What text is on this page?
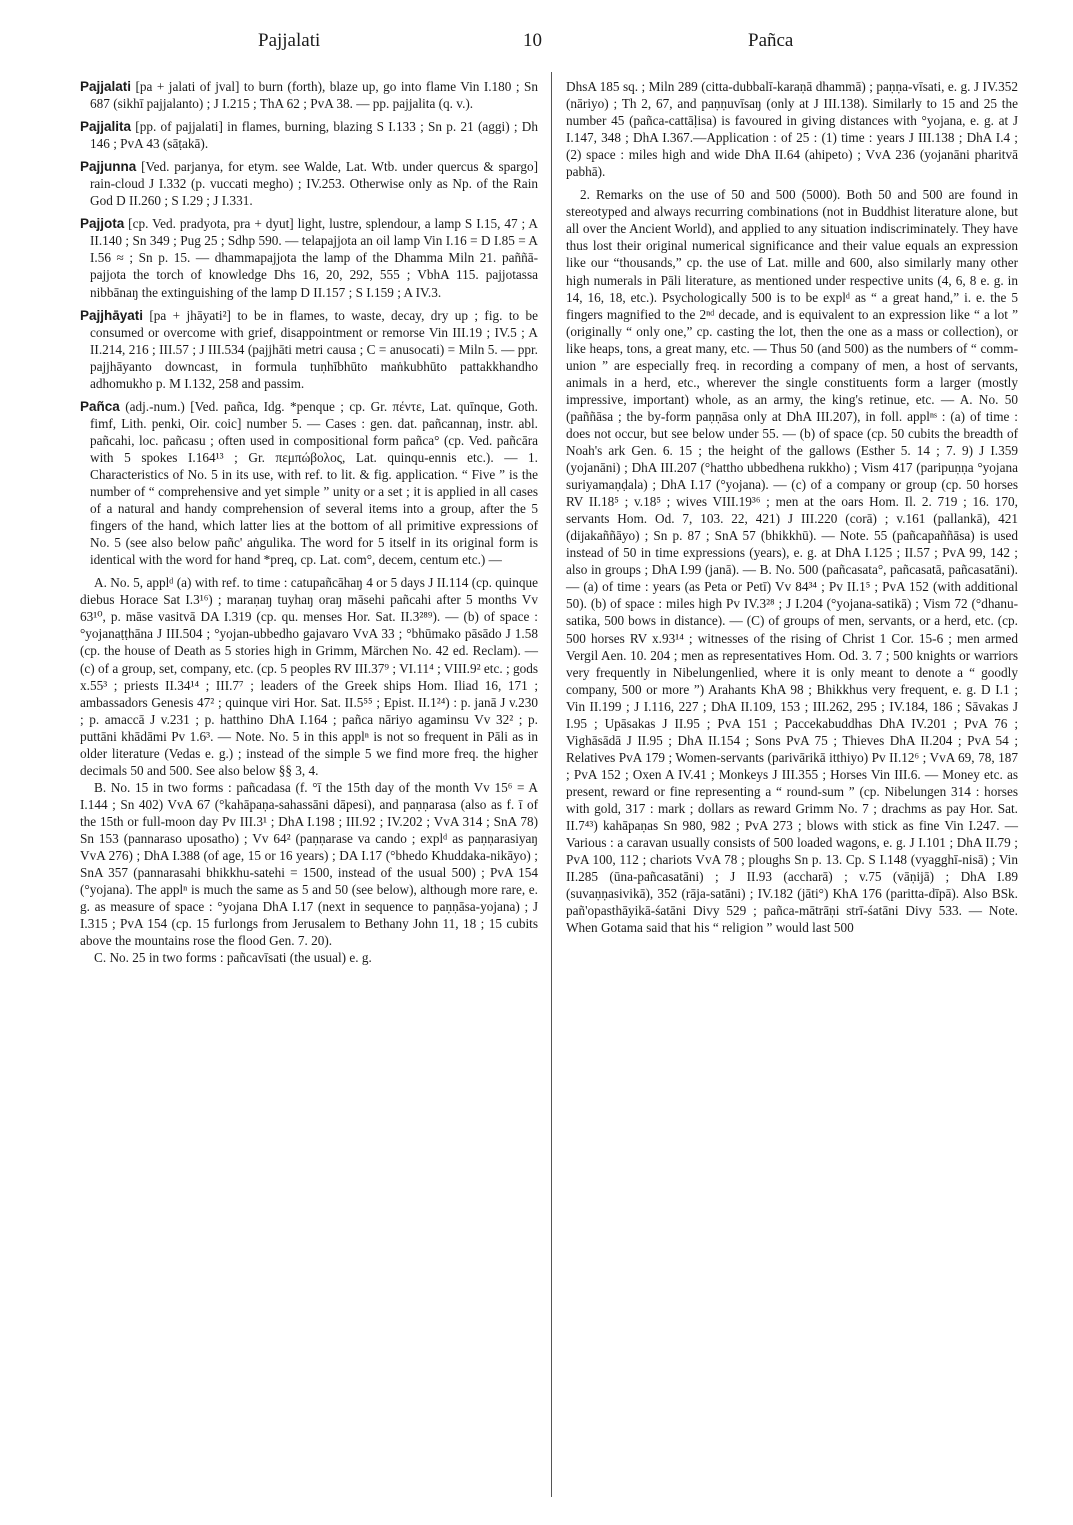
Pajjalati	10	Pañca

Pajjalati [pa + jalati of jval] to burn (forth), blaze up, go into flame Vin I.180 ; Sn 687 (sikhī pajjalanto) ; J I.215 ; ThA 62 ; PvA 38. — pp. pajjalita (q. v.).

Pajjalita [pp. of pajjalati] in flames, burning, blazing S I.133 ; Sn p. 21 (aggi) ; Dh 146 ; PvA 43 (sāṭakā).

Pajjunna [Ved. parjanya, for etym. see Walde, Lat. Wtb. under quercus & spargo] rain-cloud J I.332 (p. vuccati megho) ; IV.253. Otherwise only as Np. of the Rain God D II.260 ; S I.29 ; J I.331.

Pajjota [cp. Ved. pradyota, pra + dyut] light, lustre, splendour, a lamp S I.15, 47 ; A II.140 ; Sn 349 ; Pug 25 ; Sdhp 590. — telapajjota an oil lamp Vin I.16 = D I.85 = A I.56 ≈ ; Sn p. 15. — dhammapajjota the lamp of the Dhamma Miln 21. paññā-pajjota the torch of knowledge Dhs 16, 20, 292, 555 ; VbhA 115. pajjotassa nibbānaŋ the extinguishing of the lamp D II.157 ; S I.159 ; A IV.3.

Pajjhāyati [pa + jhāyati²] to be in flames, to waste, decay, dry up ; fig. to be consumed or overcome with grief, disappointment or remorse Vin III.19 ; IV.5 ; A II.214, 216 ; III.57 ; J III.534 (pajjhāti metri causa ; C = anusocati) = Miln 5. — ppr. pajjhāyanto downcast, in formula tuṇhībhūto maṅkubhūto pattakkhandho adhomukho p. M I.132, 258 and passim.

Pañca (adj.-num.) [Ved. pañca, Idg. *penque ; cp. Gr. πέντε, Lat. quīnque, Goth. fimf, Lith. penki, Oir. coic] number 5. — Cases : gen. dat. pañcannaŋ, instr. abl. pañcahi, loc. pañcasu ; often used in compositional form pañca° (cp. Ved. pañcāra with 5 spokes I.164¹³ ; Gr. πεμπώβολος, Lat. quinqu-ennis etc.). — 1. Characteristics of No. 5 in its use, with ref. to lit. & fig. application. “ Five ” is the number of “ comprehensive and yet simple ” unity or a set ; it is applied in all cases of a natural and handy comprehension of several items into a group, after the 5 fingers of the hand, which latter lies at the bottom of all primitive expressions of No. 5 (see also below pañc' aṅgulika. The word for 5 itself in its original form is identical with the word for hand *preq, cp. Lat. com°, decem, centum etc.) —

A. No. 5, applᵈ (a) with ref. to time : catupañcāhaŋ 4 or 5 days J II.114 (cp. quinque diebus Horace Sat I.3¹⁶) ; maraṇaŋ tuyhaŋ oraŋ māsehi pañcahi after 5 months Vv 63¹⁰, p. māse vasitvā DA I.319 (cp. qu. menses Hor. Sat. II.3²⁸⁹). — (b) of space : °yojanaṭṭhāna J III.504 ; °yojan-ubbedho gajavaro VvA 33 ; °bhūmako pāsādo J 1.58 (cp. the house of Death as 5 stories high in Grimm, Märchen No. 42 ed. Reclam). — (c) of a group, set, company, etc. (cp. 5 peoples RV III.37⁹ ; VI.11⁴ ; VIII.9² etc. ; gods x.55³ ; priests II.34¹⁴ ; III.7⁷ ; leaders of the Greek ships Hom. Iliad 16, 171 ; ambassadors Genesis 47² ; quinque viri Hor. Sat. II.5⁵⁵ ; Epist. II.1²⁴) : p. janā J v.230 ; p. amaccā J v.231 ; p. hatthino DhA I.164 ; pañca nāriyo agaminsu Vv 32² ; p. puttāni khādāmi Pv 1.6³. — Note. No. 5 in this applⁿ is not so frequent in Pāli as in older literature (Vedas e. g.) ; instead of the simple 5 we find more freq. the higher decimals 50 and 500. See also below §§ 3, 4.

B. No. 15 in two forms : pañcadasa (f. °ī the 15th day of the month Vv 15⁶ = A I.144 ; Sn 402) VvA 67 (°kahāpaṇa-sahassāni dāpesi), and paṇṇarasa (also as f. ī of the 15th or full-moon day Pv III.3¹ ; DhA I.198 ; III.92 ; IV.202 ; VvA 314 ; SnA 78) Sn 153 (pannaraso uposatho) ; Vv 64² (paṇṇarase va cando ; explᵈ as paṇṇarasiyaŋ VvA 276) ; DhA I.388 (of age, 15 or 16 years) ; DA I.17 (°bhedo Khuddaka-nikāyo) ; SnA 357 (pannarasahi bhikkhu-satehi = 1500, instead of the usual 500) ; PvA 154 (°yojana). The applⁿ is much the same as 5 and 50 (see below), although more rare, e. g. as measure of space : °yojana DhA I.17 (next in sequence to paṇṇāsa-yojana) ; J I.315 ; PvA 154 (cp. 15 furlongs from Jerusalem to Bethany John 11, 18 ; 15 cubits above the mountains rose the flood Gen. 7. 20).

C. No. 25 in two forms : pañcavīsati (the usual) e. g.

DhsA 185 sq. ; Miln 289 (citta-dubbalī-karaṇā dhammā) ; paṇṇa-vīsati, e. g. J IV.352 (nāriyo) ; Th 2, 67, and paṇṇuvīsaŋ (only at J III.138). Similarly to 15 and 25 the number 45 (pañca-cattāḷisa) is favoured in giving distances with °yojana, e. g. at J I.147, 348 ; DhA I.367.—Application : of 25 : (1) time : years J III.138 ; DhA I.4 ; (2) space : miles high and wide DhA II.64 (ahipeto) ; VvA 236 (yojanāni pharitvā pabhā).

2. Remarks on the use of 50 and 500 (5000). Both 50 and 500 are found in stereotyped and always recurring combinations (not in Buddhist literature alone, but all over the Ancient World), and applied to any situation indiscriminately. They have thus lost their original numerical significance and their value equals an expression like our “thousands,” cp. the use of Lat. mille and 600, also similarly many other high numerals in Pāli literature, as mentioned under respective units (4, 6, 8 e. g. in 14, 16, 18, etc.). Psychologically 500 is to be explᵈ as “ a great hand,” i. e. the 5 fingers magnified to the 2ⁿᵈ decade, and is equivalent to an expression like “ a lot ” (originally “ only one,” cp. casting the lot, then the one as a mass or collection), or like heaps, tons, a great many, etc. — Thus 50 (and 500) as the numbers of “ comm-union ” are especially freq. in recording a company of men, a host of servants, animals in a herd, etc., wherever the single constituents form a larger (mostly impressive, important) whole, as an army, the king's retinue, etc. — A. No. 50 (paññāsa ; the by-form paṇṇāsa only at DhA III.207), in foll. applⁿˢ : (a) of time : does not occur, but see below under 55. — (b) of space (cp. 50 cubits the breadth of Noah's ark Gen. 6. 15 ; the height of the gallows (Esther 5. 14 ; 7. 9) J I.359 (yojanāni) ; DhA III.207 (°hattho ubbedhena rukkho) ; Vism 417 (paripuṇṇa °yojana suriyamaṇḍala) ; DhA I.17 (°yojana). — (c) of a company or group (cp. 50 horses RV II.18⁵ ; v.18⁵ ; wives VIII.19³⁶ ; men at the oars Hom. Il. 2. 719 ; 16. 170, servants Hom. Od. 7, 103. 22, 421) J III.220 (corā) ; v.161 (pallankā), 421 (dijakaññāyo) ; Sn p. 87 ; SnA 57 (bhikkhū). — Note. 55 (pañcapaññāsa) is used instead of 50 in time expressions (years), e. g. at DhA I.125 ; II.57 ; PvA 99, 142 ; also in groups ; DhA I.99 (janā). — B. No. 500 (pañcasata°, pañcasatā, pañcasatāni). — (a) of time : years (as Peta or Petī) Vv 84³⁴ ; Pv II.1⁵ ; PvA 152 (with additional 50). (b) of space : miles high Pv IV.3²⁸ ; J I.204 (°yojana-satikā) ; Vism 72 (°dhanu-satika, 500 bows in distance). — (C) of groups of men, servants, or a herd, etc. (cp. 500 horses RV x.93¹⁴ ; witnesses of the rising of Christ 1 Cor. 15-6 ; men armed Vergil Aen. 10. 204 ; men as representatives Hom. Od. 3. 7 ; 500 knights or warriors very frequently in Nibelungenlied, where it is only meant to denote a “ goodly company, 500 or more ”) Arahants KhA 98 ; Bhikkhus very frequent, e. g. D I.1 ; Vin II.199 ; J I.116, 227 ; DhA II.109, 153 ; III.262, 295 ; IV.184, 186 ; Sāvakas J I.95 ; Upāsakas J II.95 ; PvA 151 ; Paccekabuddhas DhA IV.201 ; PvA 76 ; Vighāsādā J II.95 ; DhA II.154 ; Sons PvA 75 ; Thieves DhA II.204 ; PvA 54 ; Relatives PvA 179 ; Women-servants (parivārikā itthiyo) Pv II.12⁶ ; VvA 69, 78, 187 ; PvA 152 ; Oxen A IV.41 ; Monkeys J III.355 ; Horses Vin III.6. — Money etc. as present, reward or fine representing a “ round-sum ” (cp. Nibelungen 314 : horses with gold, 317 : mark ; dollars as reward Grimm No. 7 ; drachms as pay Hor. Sat. II.7⁴³) kahāpaṇas Sn 980, 982 ; PvA 273 ; blows with stick as fine Vin I.247. — Various : a caravan usually consists of 500 loaded wagons, e. g. J I.101 ; DhA II.79 ; PvA 100, 112 ; chariots VvA 78 ; ploughs Sn p. 13. Cp. S I.148 (vyagghī-nisā) ; Vin II.285 (ūna-pañcasatāni) ; J II.93 (accharā) ; v.75 (vāṇijā) ; DhA I.89 (suvaṇṇasivikā), 352 (rāja-satāni) ; IV.182 (jāti°) KhA 176 (paritta-dīpā). Also BSk. pañ'opasthāyikā-śatāni Divy 529 ; pañca-mātrāṇi strī-śatāni Divy 533. — Note. When Gotama said that his “ religion ” would last 500
